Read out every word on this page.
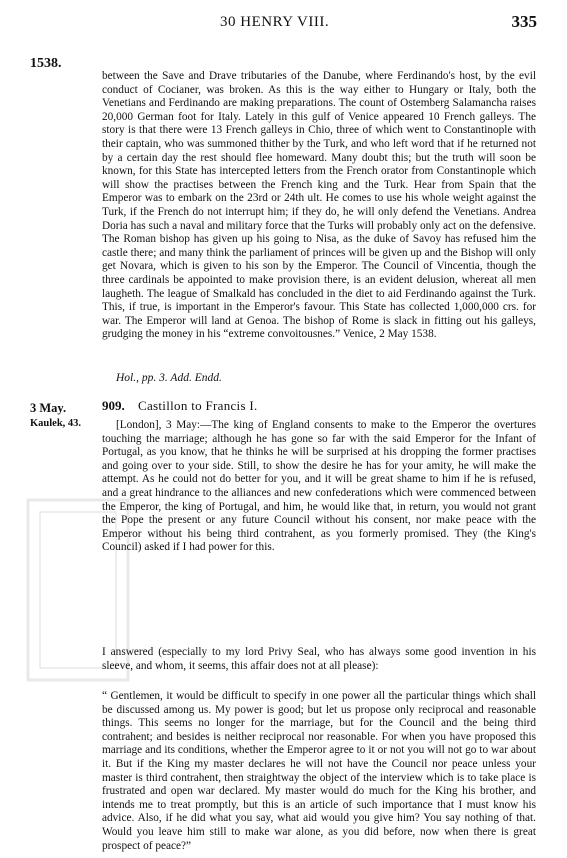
30 HENRY VIII.	335
1538.

between the Save and Drave tributaries of the Danube, where Ferdinando's host, by the evil conduct of Cocianer, was broken. As this is the way either to Hungary or Italy, both the Venetians and Ferdinando are making preparations. The count of Ostemberg Salamancha raises 20,000 German foot for Italy. Lately in this gulf of Venice appeared 10 French galleys. The story is that there were 13 French galleys in Chio, three of which went to Constantinople with their captain, who was summoned thither by the Turk, and who left word that if he returned not by a certain day the rest should flee homeward. Many doubt this; but the truth will soon be known, for this State has intercepted letters from the French orator from Constantinople which will show the practises between the French king and the Turk. Hear from Spain that the Emperor was to embark on the 23rd or 24th ult. He comes to use his whole weight against the Turk, if the French do not interrupt him; if they do, he will only defend the Venetians. Andrea Doria has such a naval and military force that the Turks will probably only act on the defensive. The Roman bishop has given up his going to Nisa, as the duke of Savoy has refused him the castle there; and many think the parliament of princes will be given up and the Bishop will only get Novara, which is given to his son by the Emperor. The Council of Vincentia, though the three cardinals be appointed to make provision there, is an evident delusion, whereat all men laugheth. The league of Smalkald has concluded in the diet to aid Ferdinando against the Turk. This, if true, is important in the Emperor's favour. This State has collected 1,000,000 crs. for war. The Emperor will land at Genoa. The bishop of Rome is slack in fitting out his galleys, grudging the money in his “extreme convoitousnes.” Venice, 2 May 1538.

Hol., pp. 3. Add. Endd.
3 May.
Kaulek, 43.
909. Castillon to Francis I.

[London], 3 May:—The king of England consents to make to the Emperor the overtures touching the marriage; although he has gone so far with the said Emperor for the Infant of Portugal, as you know, that he thinks he will be surprised at his dropping the former practises and going over to your side. Still, to show the desire he has for your amity, he will make the attempt. As he could not do better for you, and it will be great shame to him if he is refused, and a great hindrance to the alliances and new confederations which were commenced between the Emperor, the king of Portugal, and him, he would like that, in return, you would not grant the Pope the present or any future Council without his consent, nor make peace with the Emperor without his being third contrahent, as you formerly promised. They (the King's Council) asked if I had power for this.

I answered (especially to my lord Privy Seal, who has always some good invention in his sleeve, and whom, it seems, this affair does not at all please):

“ Gentlemen, it would be difficult to specify in one power all the particular things which shall be discussed among us. My power is good; but let us propose only reciprocal and reasonable things. This seems no longer for the marriage, but for the Council and the being third contrahent; and besides is neither reciprocal nor reasonable. For when you have proposed this marriage and its conditions, whether the Emperor agree to it or not you will not go to war about it. But if the King my master declares he will not have the Council nor peace unless your master is third contrahent, then straightway the object of the interview which is to take place is frustrated and open war declared. My master would do much for the King his brother, and intends me to treat promptly, but this is an article of such importance that I must know his advice. Also, if he did what you say, what aid would you give him? You say nothing of that. Would you leave him still to make war alone, as you did before, now when there is great prospect of peace?”
